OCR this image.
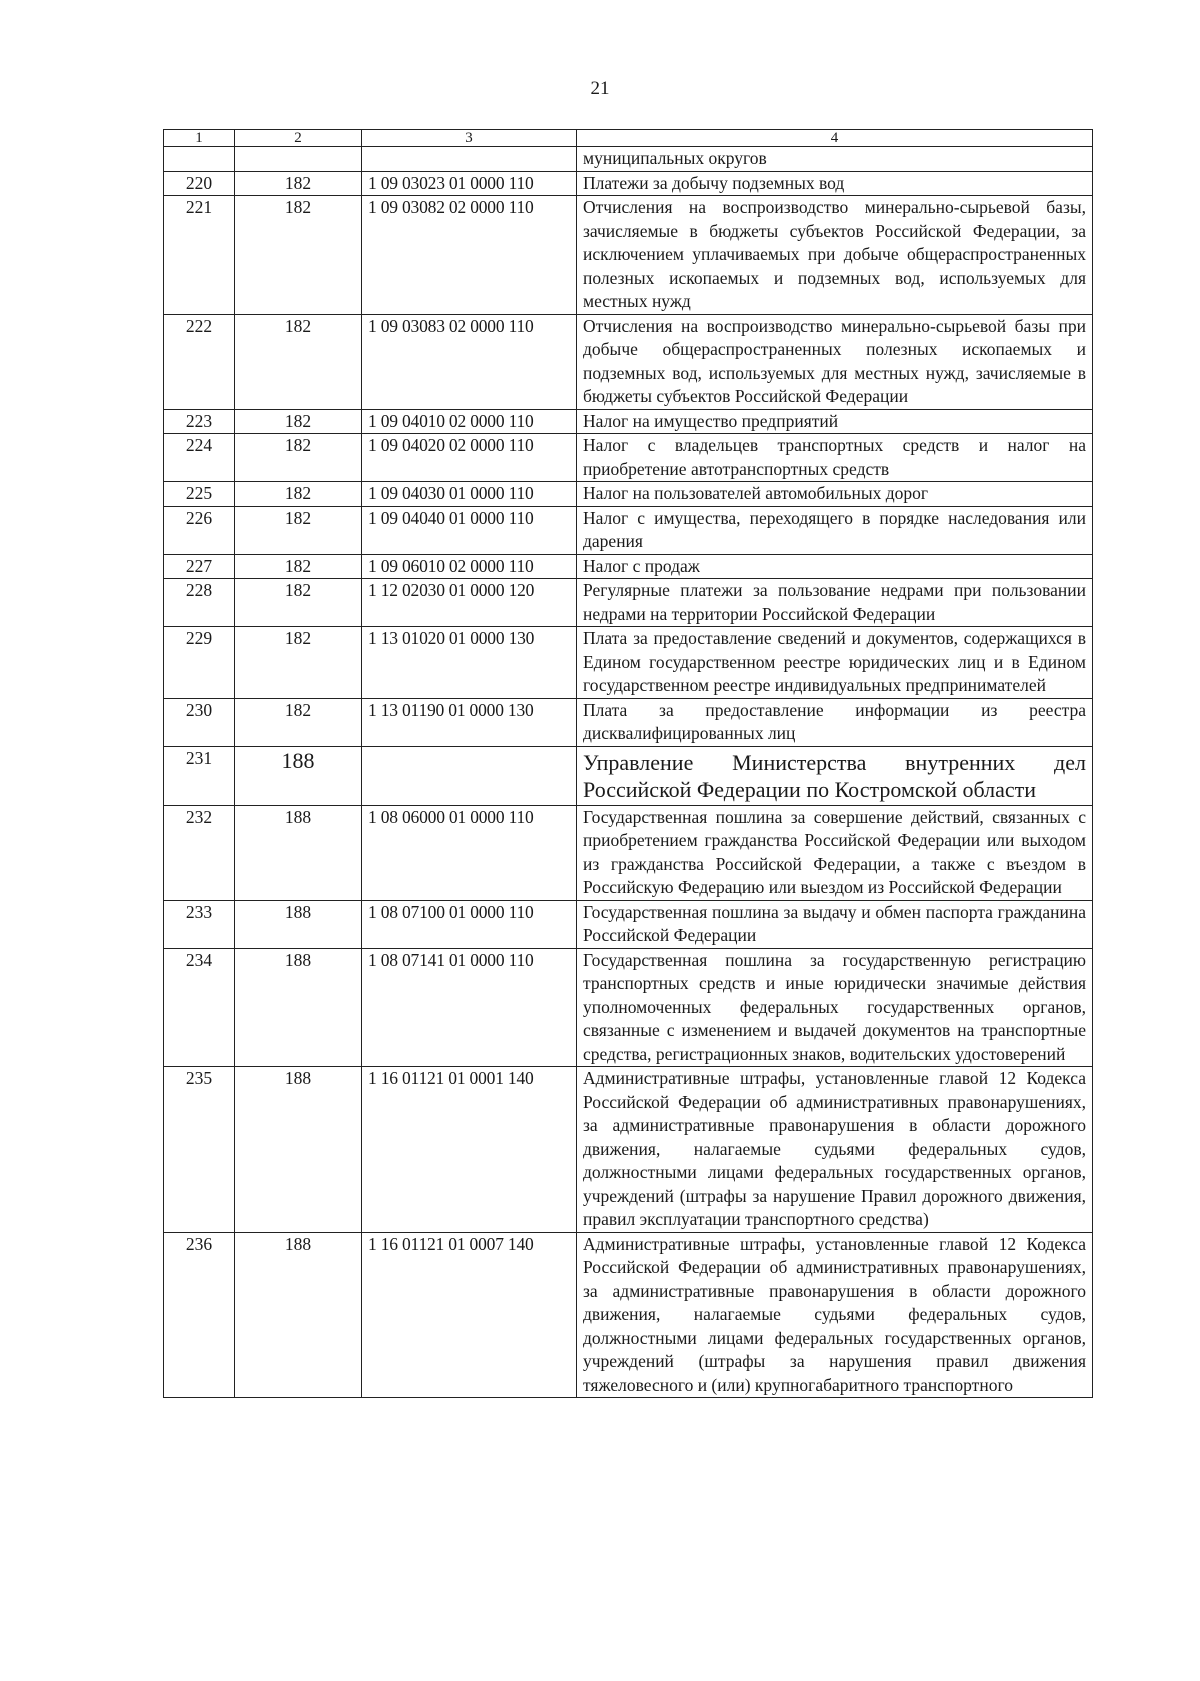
21
1	2	3	4
			муниципальных округов
220	182	1 09 03023 01 0000 110	Платежи за добычу подземных вод
221	182	1 09 03082 02 0000 110	Отчисления на воспроизводство минерально-сырьевой базы, зачисляемые в бюджеты субъектов Российской Федерации, за исключением уплачиваемых при добыче общераспространенных полезных ископаемых и подземных вод, используемых для местных нужд
222	182	1 09 03083 02 0000 110	Отчисления на воспроизводство минерально-сырьевой базы при добыче общераспространенных полезных ископаемых и подземных вод, используемых для местных нужд, зачисляемые в бюджеты субъектов Российской Федерации
223	182	1 09 04010 02 0000 110	Налог на имущество предприятий
224	182	1 09 04020 02 0000 110	Налог с владельцев транспортных средств и налог на приобретение автотранспортных средств
225	182	1 09 04030 01 0000 110	Налог на пользователей автомобильных дорог
226	182	1 09 04040 01 0000 110	Налог с имущества, переходящего в порядке наследования или дарения
227	182	1 09 06010 02 0000 110	Налог с продаж
228	182	1 12 02030 01 0000 120	Регулярные платежи за пользование недрами при пользовании недрами на территории Российской Федерации
229	182	1 13 01020 01 0000 130	Плата за предоставление сведений и документов, содержащихся в Едином государственном реестре юридических лиц и в Едином государственном реестре индивидуальных предпринимателей
230	182	1 13 01190 01 0000 130	Плата за предоставление информации из реестра дисквалифицированных лиц
231	188		Управление Министерства внутренних дел Российской Федерации по Костромской области
232	188	1 08 06000 01 0000 110	Государственная пошлина за совершение действий, связанных с приобретением гражданства Российской Федерации или выходом из гражданства Российской Федерации, а также с въездом в Российскую Федерацию или выездом из Российской Федерации
233	188	1 08 07100 01 0000 110	Государственная пошлина за выдачу и обмен паспорта гражданина Российской Федерации
234	188	1 08 07141 01 0000 110	Государственная пошлина за государственную регистрацию транспортных средств и иные юридически значимые действия уполномоченных федеральных государственных органов, связанные с изменением и выдачей документов на транспортные средства, регистрационных знаков, водительских удостоверений
235	188	1 16 01121 01 0001 140	Административные штрафы, установленные главой 12 Кодекса Российской Федерации об административных правонарушениях, за административные правонарушения в области дорожного движения, налагаемые судьями федеральных судов, должностными лицами федеральных государственных органов, учреждений (штрафы за нарушение Правил дорожного движения, правил эксплуатации транспортного средства)
236	188	1 16 01121 01 0007 140	Административные штрафы, установленные главой 12 Кодекса Российской Федерации об административных правонарушениях, за административные правонарушения в области дорожного движения, налагаемые судьями федеральных судов, должностными лицами федеральных государственных органов, учреждений (штрафы за нарушения правил движения тяжеловесного и (или) крупногабаритного транспортного
